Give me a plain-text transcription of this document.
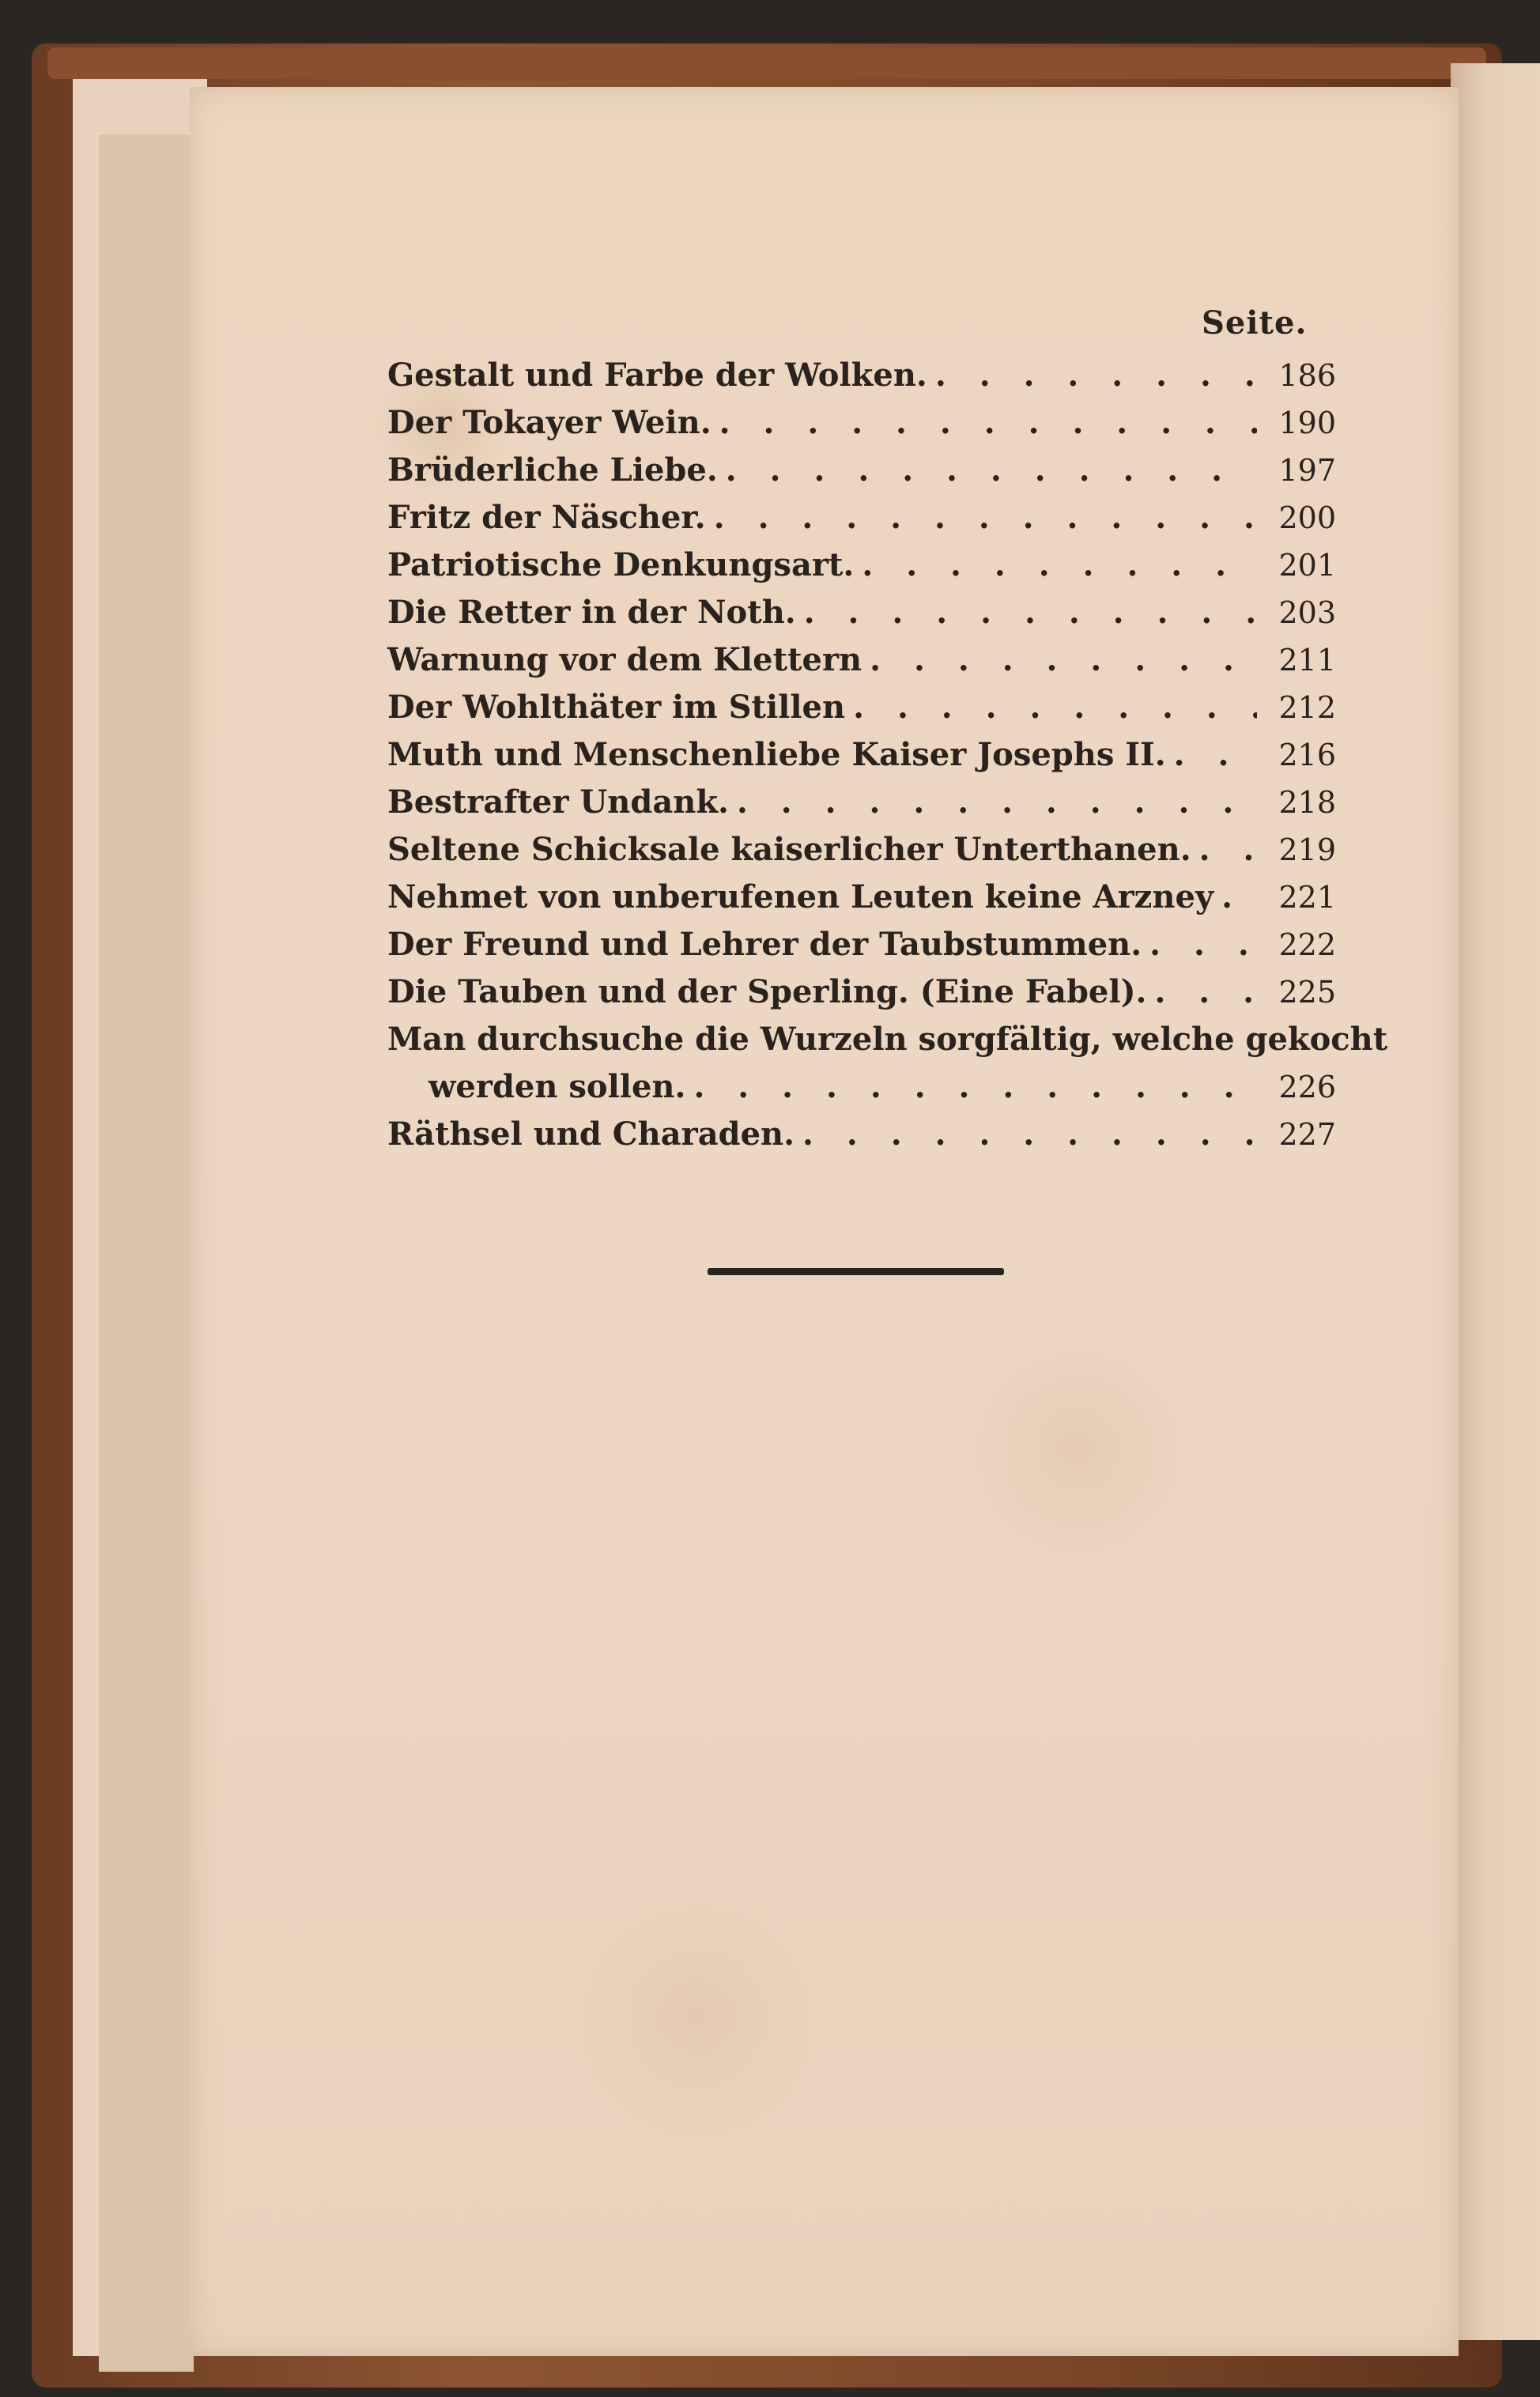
Seite.
Gestalt und Farbe der Wolken. . . .	186
Der Tokayer Wein. . . .	190
Brüderliche Liebe. . . .	197
Fritz der Näscher. . . .	200
Patriotische Denkungsart. . . .	201
Die Retter in der Noth. . . .	203
Warnung vor dem Klettern . . .	211
Der Wohlthäter im Stillen . . .	212
Muth und Menschenliebe Kaiser Josephs II. . . .	216
Bestrafter Undank. . . .	218
Seltene Schicksale kaiserlicher Unterthanen. . . .	219
Nehmet von unberufenen Leuten keine Arzney . . .	221
Der Freund und Lehrer der Taubstummen. . . .	222
Die Tauben und der Sperling. (Eine Fabel). . . .	225
Man durchsuche die Wurzeln sorgfältig, welche gekocht
werden sollen. . . .	226
Räthsel und Charaden. . . .	227
